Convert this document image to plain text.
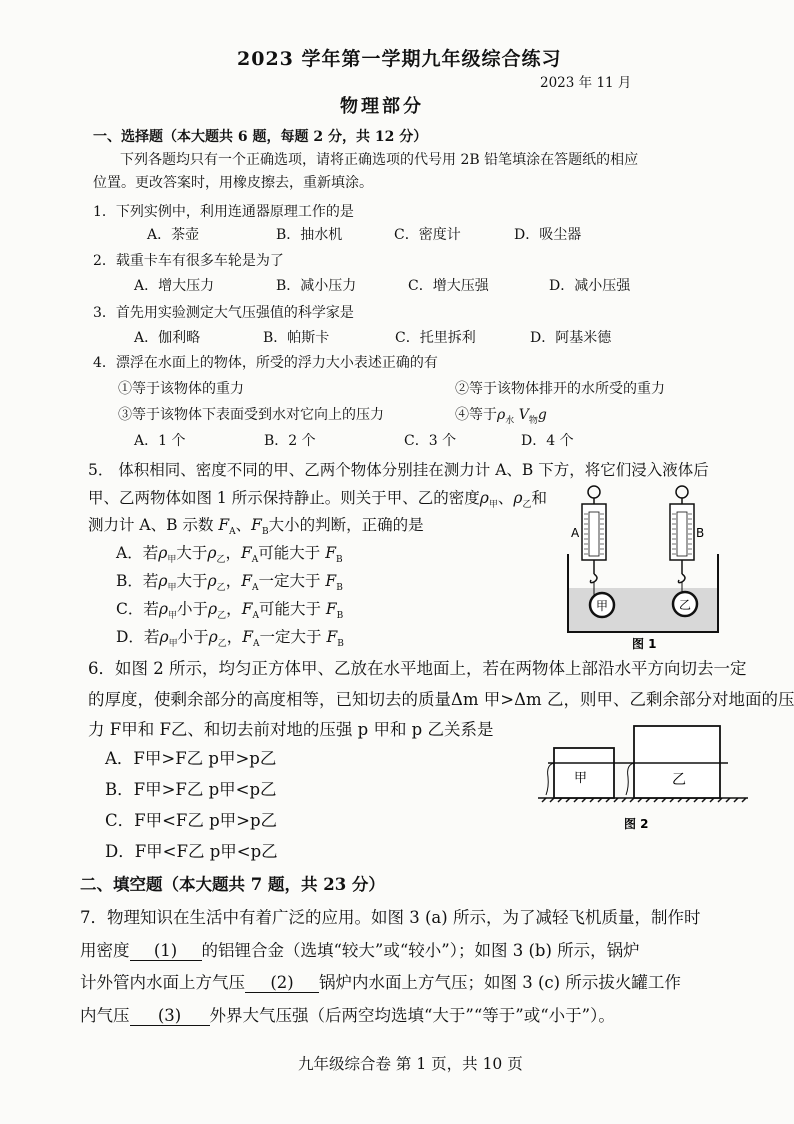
2023 学年第一学期九年级综合练习
2023 年 11 月
物理部分
一、选择题（本大题共 6 题，每题 2 分，共 12 分）
下列各题均只有一个正确选项，请将正确选项的代号用 2B 铅笔填涂在答题纸的相应
位置。更改答案时，用橡皮擦去，重新填涂。
1．下列实例中，利用连通器原理工作的是
A．茶壶	B．抽水机	C．密度计	D．吸尘器
2．载重卡车有很多车轮是为了
A．增大压力	B．减小压力	C．增大压强	D．减小压强
3．首先用实验测定大气压强值的科学家是
A．伽利略	B．帕斯卡	C．托里拆利	D．阿基米德
4．漂浮在水面上的物体，所受的浮力大小表述正确的有
①等于该物体的重力	②等于该物体排开的水所受的重力
③等于该物体下表面受到水对它向上的压力	④等于$\rho_水$ $V_物g$
A．1 个	B．2 个	C．3 个	D．4 个
5． 体积相同、密度不同的甲、乙两个物体分别挂在测力计 A、B 下方，将它们浸入液体后
甲、乙两物体如图 1 所示保持静止。则关于甲、乙的密度$\rho_甲$、$\rho_乙$和
测力计 A、B 示数 $F_A$、$F_B$大小的判断，正确的是
A．若$\rho_甲$大于$\rho_乙$，$F_A$可能大于 $F_B$
B．若$\rho_甲$大于$\rho_乙$，$F_A$一定大于 $F_B$
C．若$\rho_甲$小于$\rho_乙$，$F_A$可能大于 $F_B$
D．若$\rho_甲$小于$\rho_乙$，$F_A$一定大于 $F_B$
甲	乙
A	B
图 1
6．如图 2 所示，均匀正方体甲、乙放在水平地面上，若在两物体上部沿水平方向切去一定
的厚度，使剩余部分的高度相等，已知切去的质量Δm 甲>Δm 乙，则甲、乙剩余部分对地面的压
力 F甲和 F乙、和切去前对地的压强 p 甲和 p 乙关系是
A．F甲>F乙 p甲>p乙
B．F甲>F乙 p甲<p乙
C．F甲<F乙 p甲>p乙
D．F甲<F乙 p甲<p乙
甲	乙
图 2
二、填空题（本大题共 7 题，共 23 分）
7．物理知识在生活中有着广泛的应用。如图 3 (a) 所示，为了减轻飞机质量，制作时
用密度 (1) 的铝锂合金（选填“较大”或“较小”）；如图 3 (b) 所示，锅炉
计外管内水面上方气压 (2) 锅炉内水面上方气压；如图 3 (c) 所示拔火罐工作
内气压 (3) 外界大气压强（后两空均选填“大于”“等于”或“小于”）。
九年级综合卷 第 1 页，共 10 页
